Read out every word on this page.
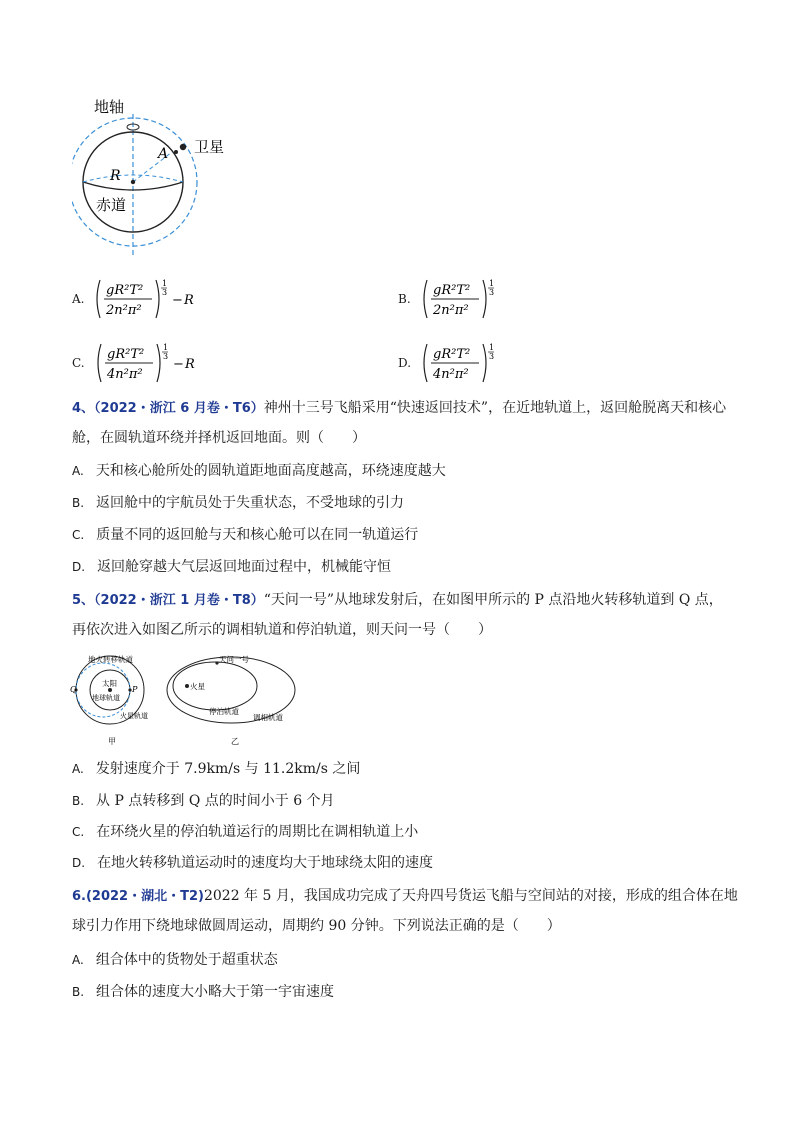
地轴
卫星
A
R
赤道
A.
gR²T²
2n²π²
1
3
− R	B.
gR²T²
2n²π²
1
3
C.
gR²T²
4n²π²
1
3
− R	D.
gR²T²
4n²π²
1
3
4、（2022・浙江 6 月卷・T6）神州十三号飞船采用“快速返回技术”，在近地轨道上，返回舱脱离天和核心
舱，在圆轨道环绕并择机返回地面。则（　　）
A. 天和核心舱所处的圆轨道距地面高度越高，环绕速度越大
B. 返回舱中的宇航员处于失重状态，不受地球的引力
C. 质量不同的返回舱与天和核心舱可以在同一轨道运行
D. 返回舱穿越大气层返回地面过程中，机械能守恒
5、（2022・浙江 1 月卷・T8）“天问一号”从地球发射后，在如图甲所示的 P 点沿地火转移轨道到 Q 点，
再依次进入如图乙所示的调相轨道和停泊轨道，则天问一号（　　）
地火转移轨道
太阳
地球轨道
火星轨道
Q	P
甲
天问一号
火星
停泊轨道
调相轨道
乙
A. 发射速度介于 7.9km/s 与 11.2km/s 之间
B. 从 P 点转移到 Q 点的时间小于 6 个月
C. 在环绕火星的停泊轨道运行的周期比在调相轨道上小
D. 在地火转移轨道运动时的速度均大于地球绕太阳的速度
6.(2022・湖北・T2)2022 年 5 月，我国成功完成了天舟四号货运飞船与空间站的对接，形成的组合体在地
球引力作用下绕地球做圆周运动，周期约 90 分钟。下列说法正确的是（　　）
A. 组合体中的货物处于超重状态
B. 组合体的速度大小略大于第一宇宙速度
